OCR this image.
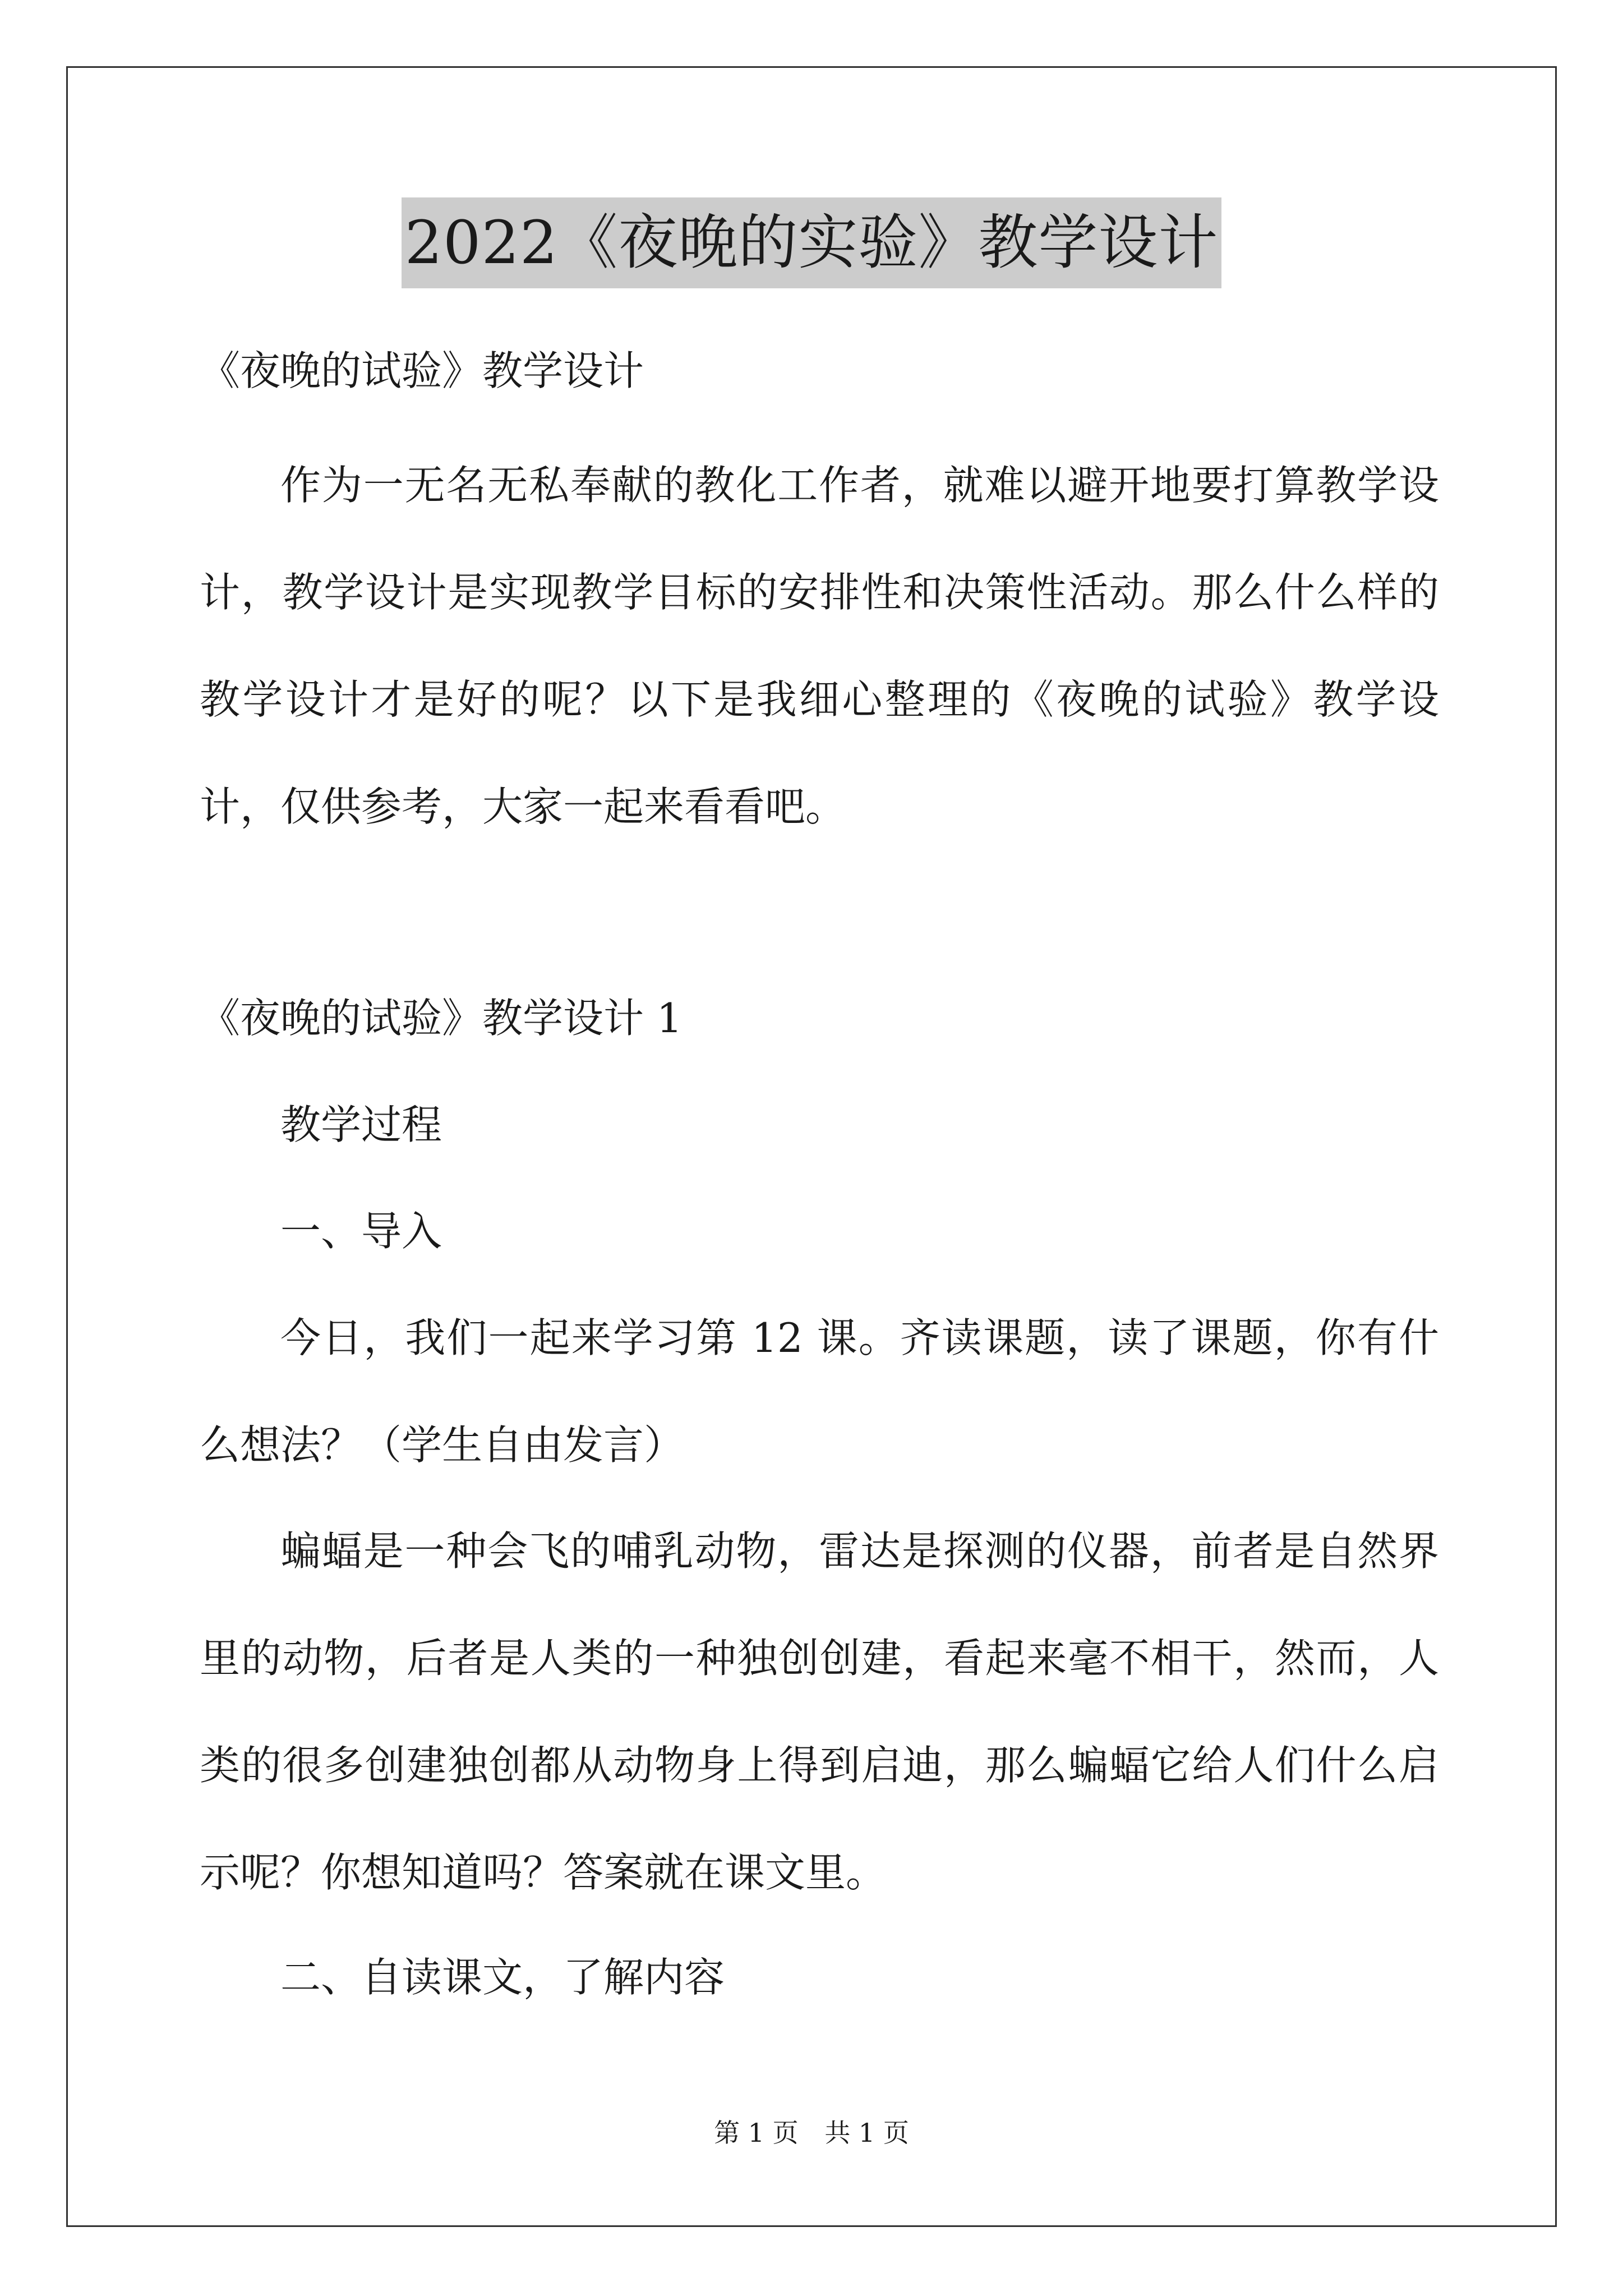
2022《夜晚的实验》教学设计
《夜晚的试验》教学设计
作为一无名无私奉献的教化工作者，就难以避开地要打算教学设计，教学设计是实现教学目标的安排性和决策性活动。那么什么样的教学设计才是好的呢？以下是我细心整理的《夜晚的试验》教学设计，仅供参考，大家一起来看看吧。
《夜晚的试验》教学设计 1
教学过程
一、导入
今日，我们一起来学习第 12 课。齐读课题，读了课题，你有什么想法？（学生自由发言）
蝙蝠是一种会飞的哺乳动物，雷达是探测的仪器，前者是自然界里的动物，后者是人类的一种独创创建，看起来毫不相干，然而，人类的很多创建独创都从动物身上得到启迪，那么蝙蝠它给人们什么启示呢？你想知道吗？答案就在课文里。
二、自读课文，了解内容
第 1 页 共 1 页
